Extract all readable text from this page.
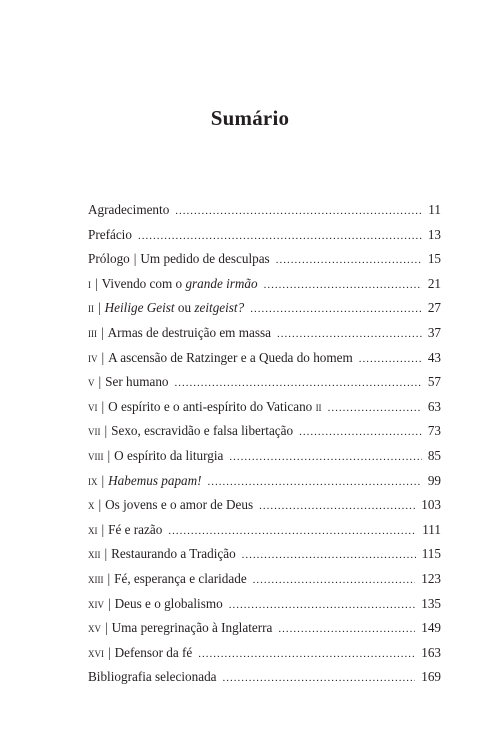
Sumário
Agradecimento .....	11
Prefácio .....	13
Prólogo | Um pedido de desculpas .....	15
i | Vivendo com o grande irmão .....	21
ii | Heilige Geist ou zeitgeist? .....	27
iii | Armas de destruição em massa .....	37
iv | A ascensão de Ratzinger e a Queda do homem .....	43
v | Ser humano .....	57
vi | O espírito e o anti-espírito do Vaticano ii .....	63
vii | Sexo, escravidão e falsa libertação .....	73
viii | O espírito da liturgia .....	85
ix | Habemus papam! .....	99
x | Os jovens e o amor de Deus .....	103
xi | Fé e razão .....	111
xii | Restaurando a Tradição .....	115
xiii | Fé, esperança e claridade .....	123
xiv | Deus e o globalismo .....	135
xv | Uma peregrinação à Inglaterra .....	149
xvi | Defensor da fé .....	163
Bibliografia selecionada .....	169
